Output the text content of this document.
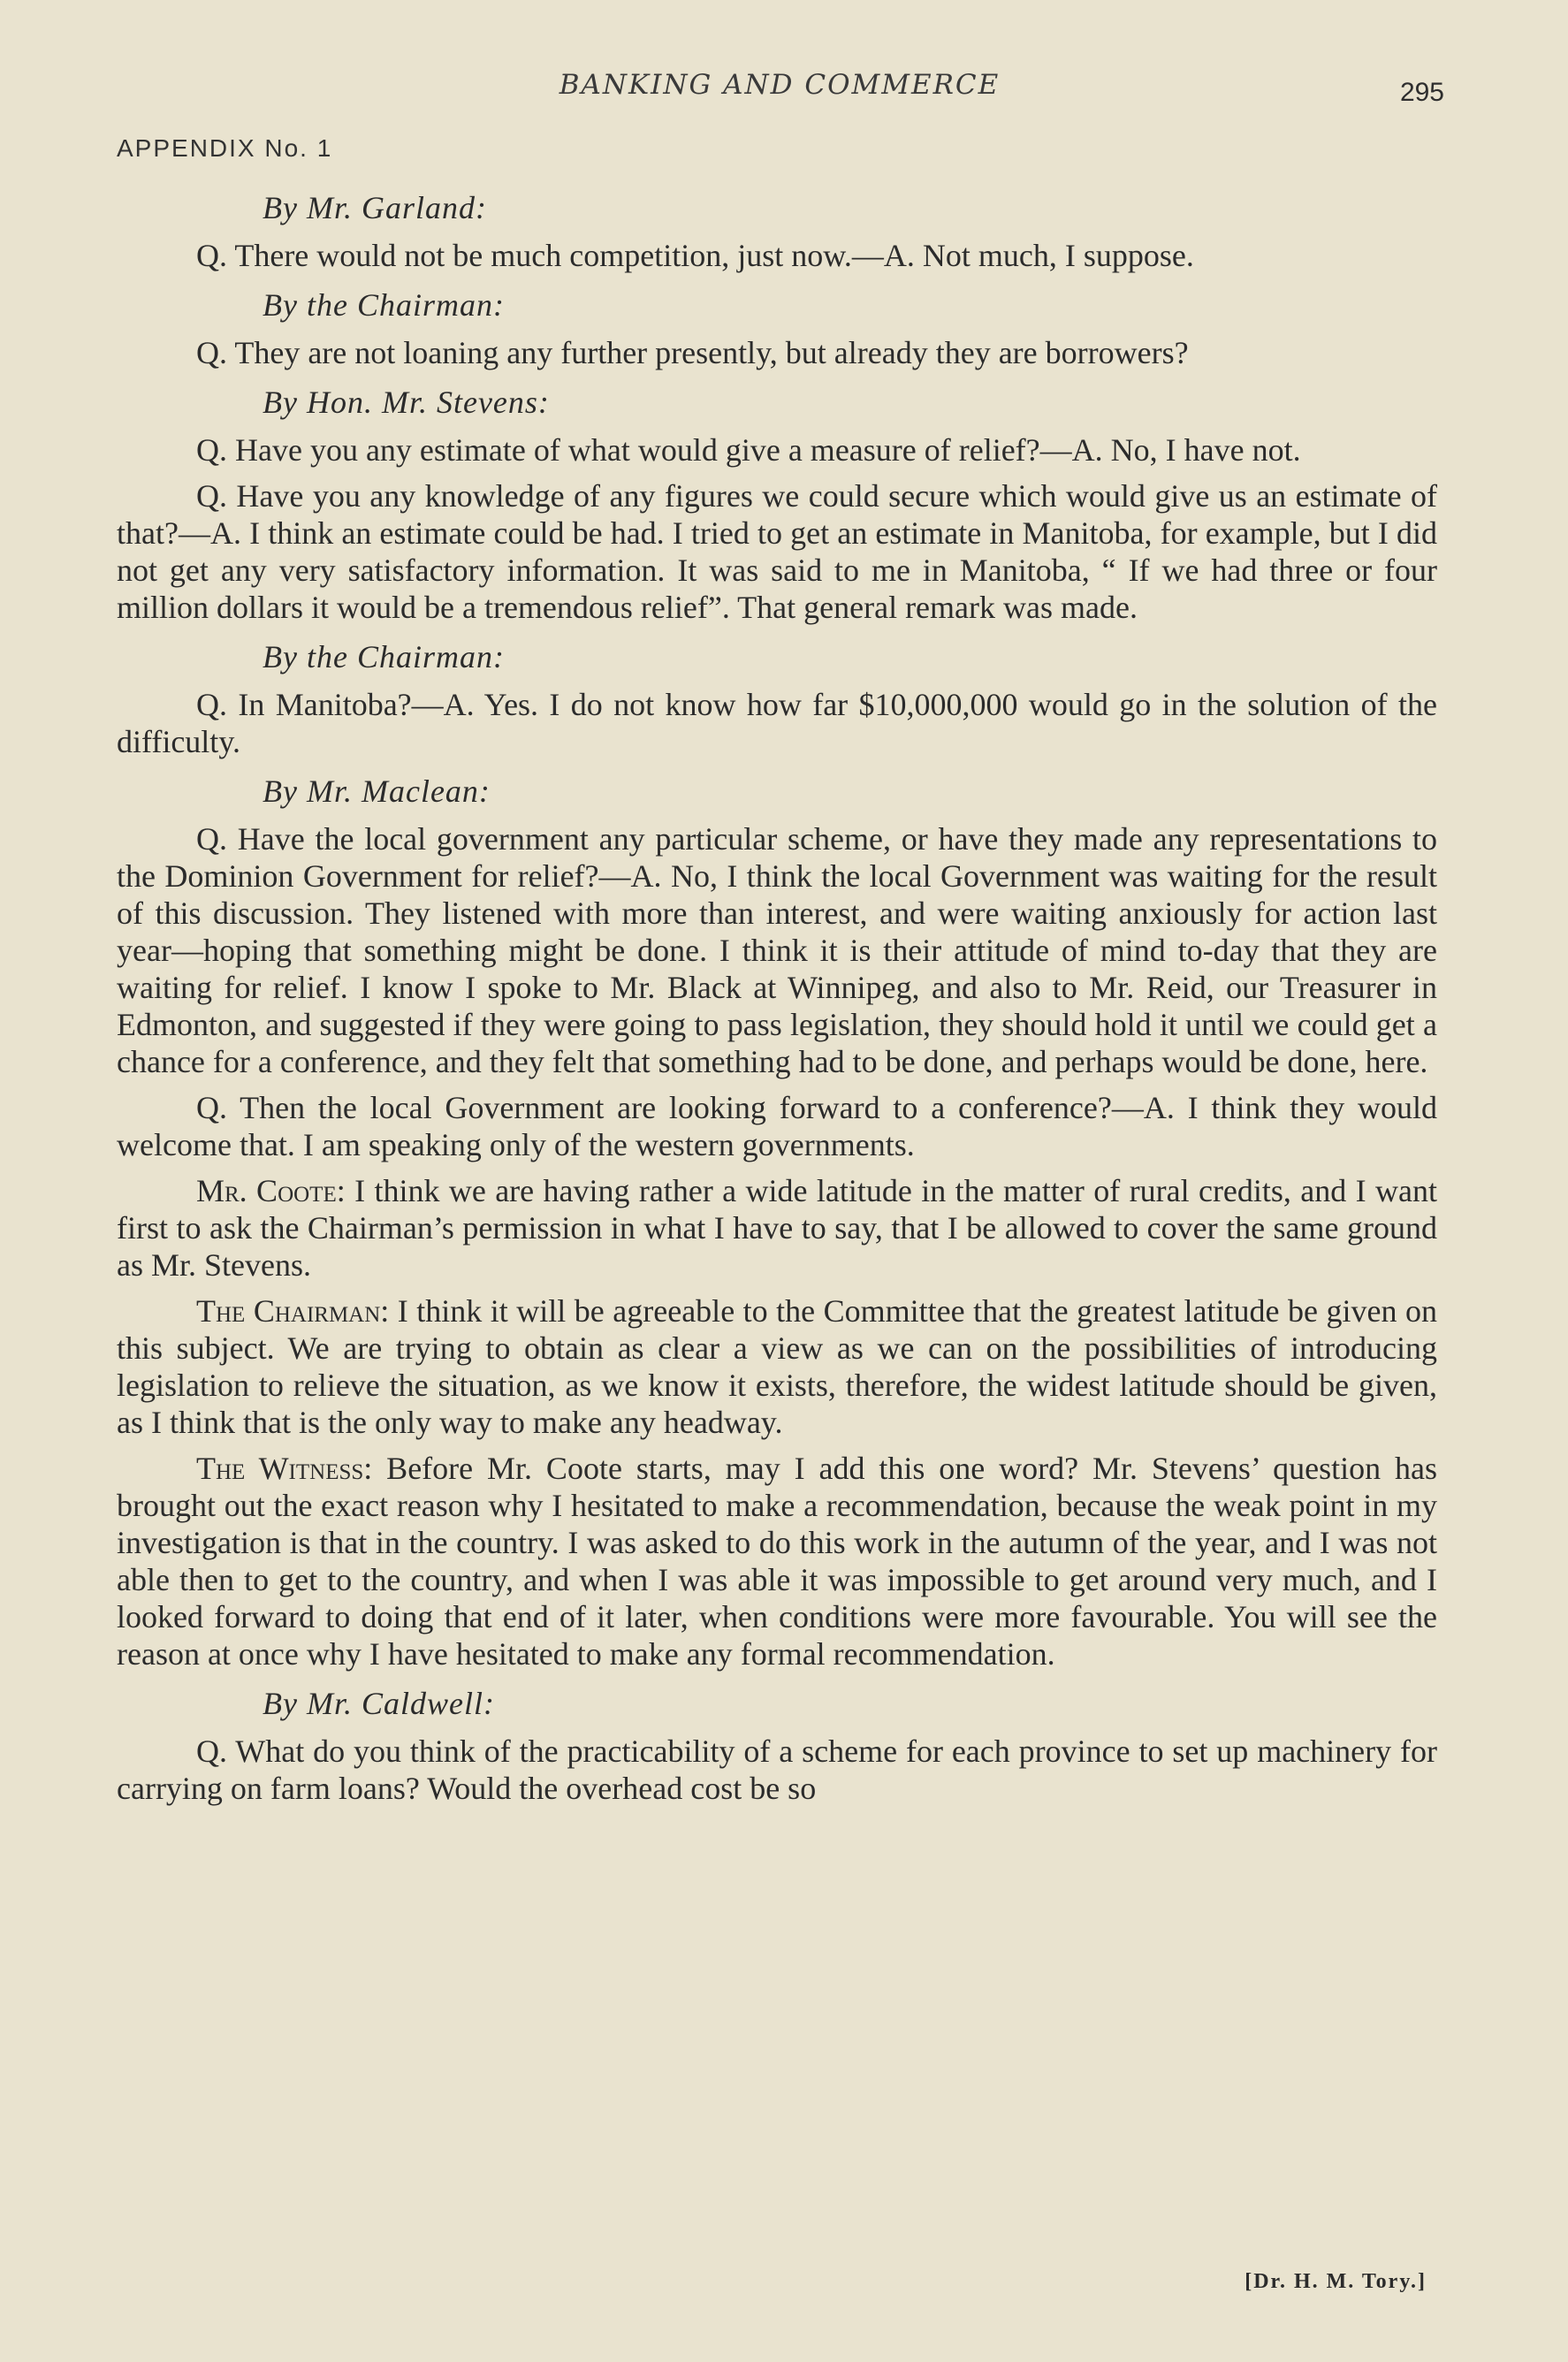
BANKING AND COMMERCE	295
APPENDIX No. 1

By Mr. Garland:

Q. There would not be much competition, just now.—A. Not much, I suppose.

By the Chairman:

Q. They are not loaning any further presently, but already they are borrowers?

By Hon. Mr. Stevens:

Q. Have you any estimate of what would give a measure of relief?—A. No, I have not.

Q. Have you any knowledge of any figures we could secure which would give us an estimate of that?—A. I think an estimate could be had. I tried to get an estimate in Manitoba, for example, but I did not get any very satisfactory information. It was said to me in Manitoba, “ If we had three or four million dollars it would be a tremendous relief”. That general remark was made.

By the Chairman:

Q. In Manitoba?—A. Yes. I do not know how far $10,000,000 would go in the solution of the difficulty.

By Mr. Maclean:

Q. Have the local government any particular scheme, or have they made any representations to the Dominion Government for relief?—A. No, I think the local Government was waiting for the result of this discussion. They listened with more than interest, and were waiting anxiously for action last year—hoping that something might be done. I think it is their attitude of mind to-day that they are waiting for relief. I know I spoke to Mr. Black at Winnipeg, and also to Mr. Reid, our Treasurer in Edmonton, and suggested if they were going to pass legislation, they should hold it until we could get a chance for a conference, and they felt that something had to be done, and perhaps would be done, here.

Q. Then the local Government are looking forward to a conference?—A. I think they would welcome that. I am speaking only of the western governments.

Mr. Coote: I think we are having rather a wide latitude in the matter of rural credits, and I want first to ask the Chairman’s permission in what I have to say, that I be allowed to cover the same ground as Mr. Stevens.

The Chairman: I think it will be agreeable to the Committee that the greatest latitude be given on this subject. We are trying to obtain as clear a view as we can on the possibilities of introducing legislation to relieve the situation, as we know it exists, therefore, the widest latitude should be given, as I think that is the only way to make any headway.

The Witness: Before Mr. Coote starts, may I add this one word? Mr. Stevens’ question has brought out the exact reason why I hesitated to make a recommendation, because the weak point in my investigation is that in the country. I was asked to do this work in the autumn of the year, and I was not able then to get to the country, and when I was able it was impossible to get around very much, and I looked forward to doing that end of it later, when conditions were more favourable. You will see the reason at once why I have hesitated to make any formal recommendation.

By Mr. Caldwell:

Q. What do you think of the practicability of a scheme for each province to set up machinery for carrying on farm loans? Would the overhead cost be so

[Dr. H. M. Tory.]
